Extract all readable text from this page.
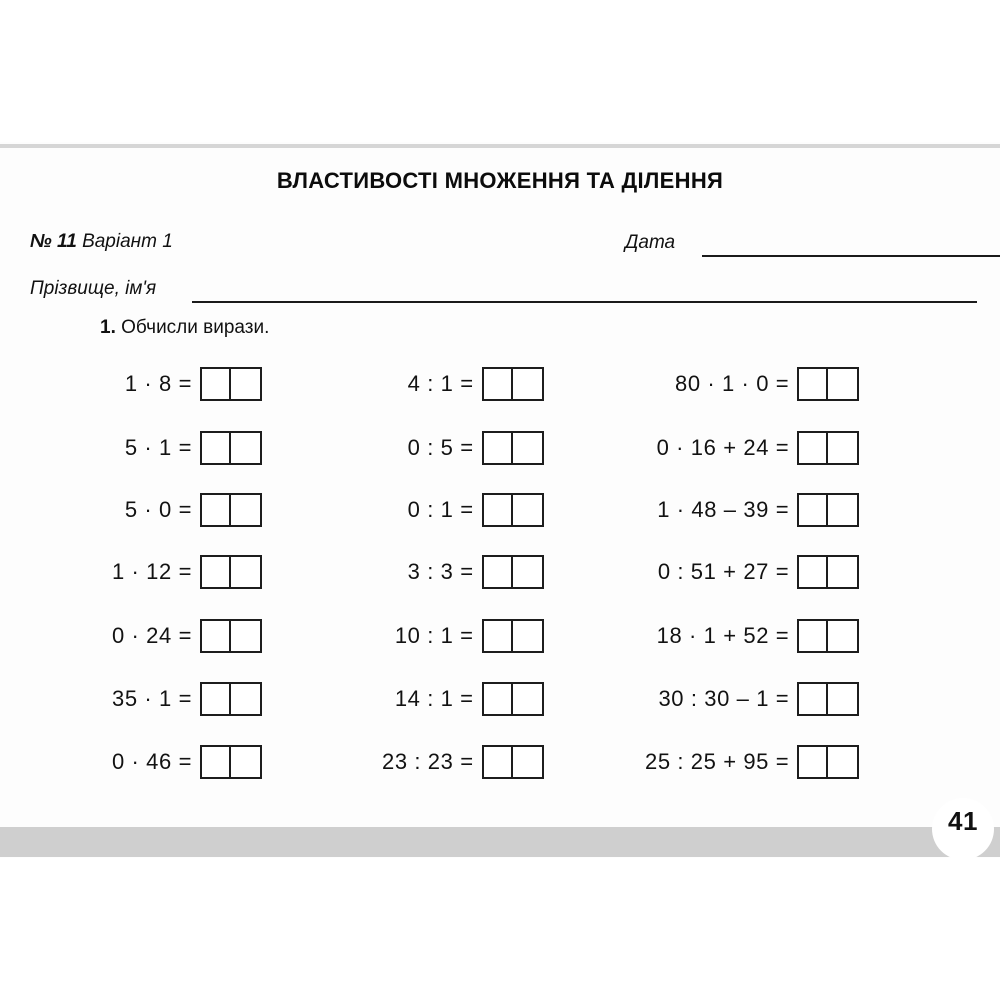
ВЛАСТИВОСТІ МНОЖЕННЯ ТА ДІЛЕННЯ
№ 11 Варіант 1	Дата
Прізвище, ім'я
1. Обчисли вирази.
1 · 8 =
5 · 1 =
5 · 0 =
1 · 12 =
0 · 24 =
35 · 1 =
0 · 46 =
4 : 1 =
0 : 5 =
0 : 1 =
3 : 3 =
10 : 1 =
14 : 1 =
23 : 23 =
80 · 1 · 0 =
0 · 16 + 24 =
1 · 48 – 39 =
0 : 51 + 27 =
18 · 1 + 52 =
30 : 30 – 1 =
25 : 25 + 95 =
41
